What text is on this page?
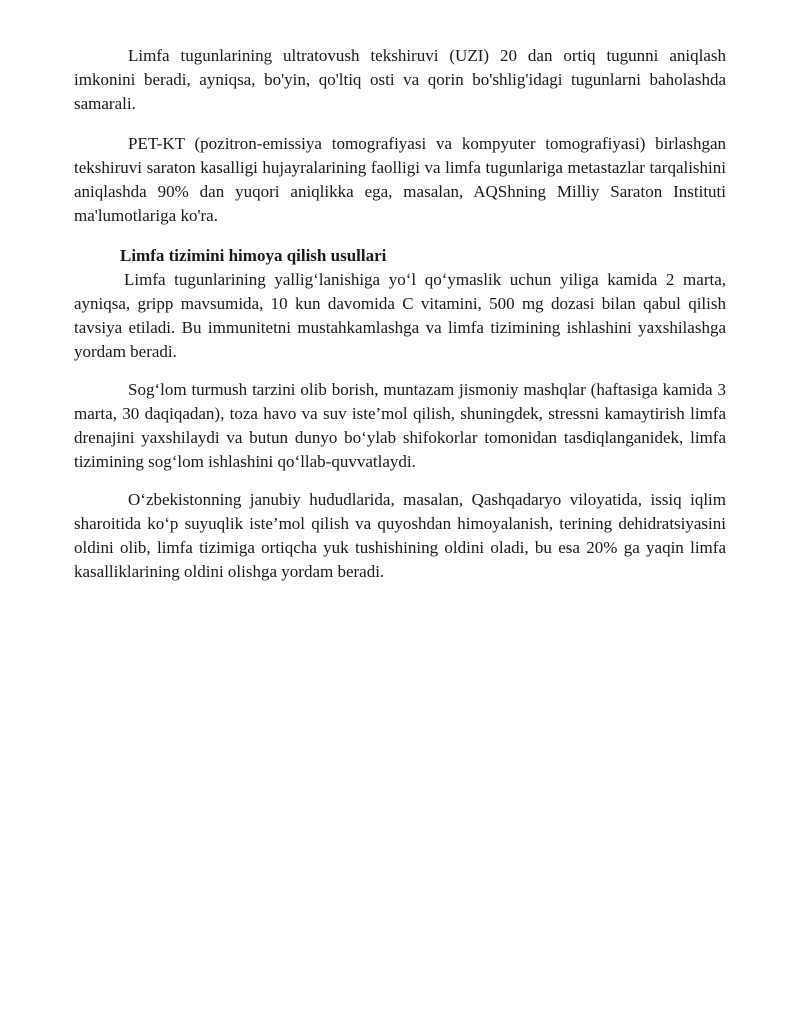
Limfa tugunlarining ultratovush tekshiruvi (UZI) 20 dan ortiq tugunni aniqlash imkonini beradi, ayniqsa, bo'yin, qo'ltiq osti va qorin bo'shlig'idagi tugunlarni baholashda samarali.

PET-KT (pozitron-emissiya tomografiyasi va kompyuter tomografiyasi) birlashgan tekshiruvi saraton kasalligi hujayralarining faolligi va limfa tugunlariga metastazlar tarqalishini aniqlashda 90% dan yuqori aniqlikka ega, masalan, AQShning Milliy Saraton Instituti ma'lumotlariga ko'ra.

Limfa tizimini himoya qilish usullari

Limfa tugunlarining yallig‘lanishiga yo‘l qo‘ymaslik uchun yiliga kamida 2 marta, ayniqsa, gripp mavsumida, 10 kun davomida C vitamini, 500 mg dozasi bilan qabul qilish tavsiya etiladi. Bu immunitetni mustahkamlashga va limfa tizimining ishlashini yaxshilashga yordam beradi.

Sog‘lom turmush tarzini olib borish, muntazam jismoniy mashqlar (haftasiga kamida 3 marta, 30 daqiqadan), toza havo va suv iste’mol qilish, shuningdek, stressni kamaytirish limfa drenajini yaxshilaydi va butun dunyo bo‘ylab shifokorlar tomonidan tasdiqlanganidek, limfa tizimining sog‘lom ishlashini qo‘llab-quvvatlaydi.

O‘zbekistonning janubiy hududlarida, masalan, Qashqadaryo viloyatida, issiq iqlim sharoitida ko‘p suyuqlik iste’mol qilish va quyoshdan himoyalanish, terining dehidratsiyasini oldini olib, limfa tizimiga ortiqcha yuk tushishining oldini oladi, bu esa 20% ga yaqin limfa kasalliklarining oldini olishga yordam beradi.
